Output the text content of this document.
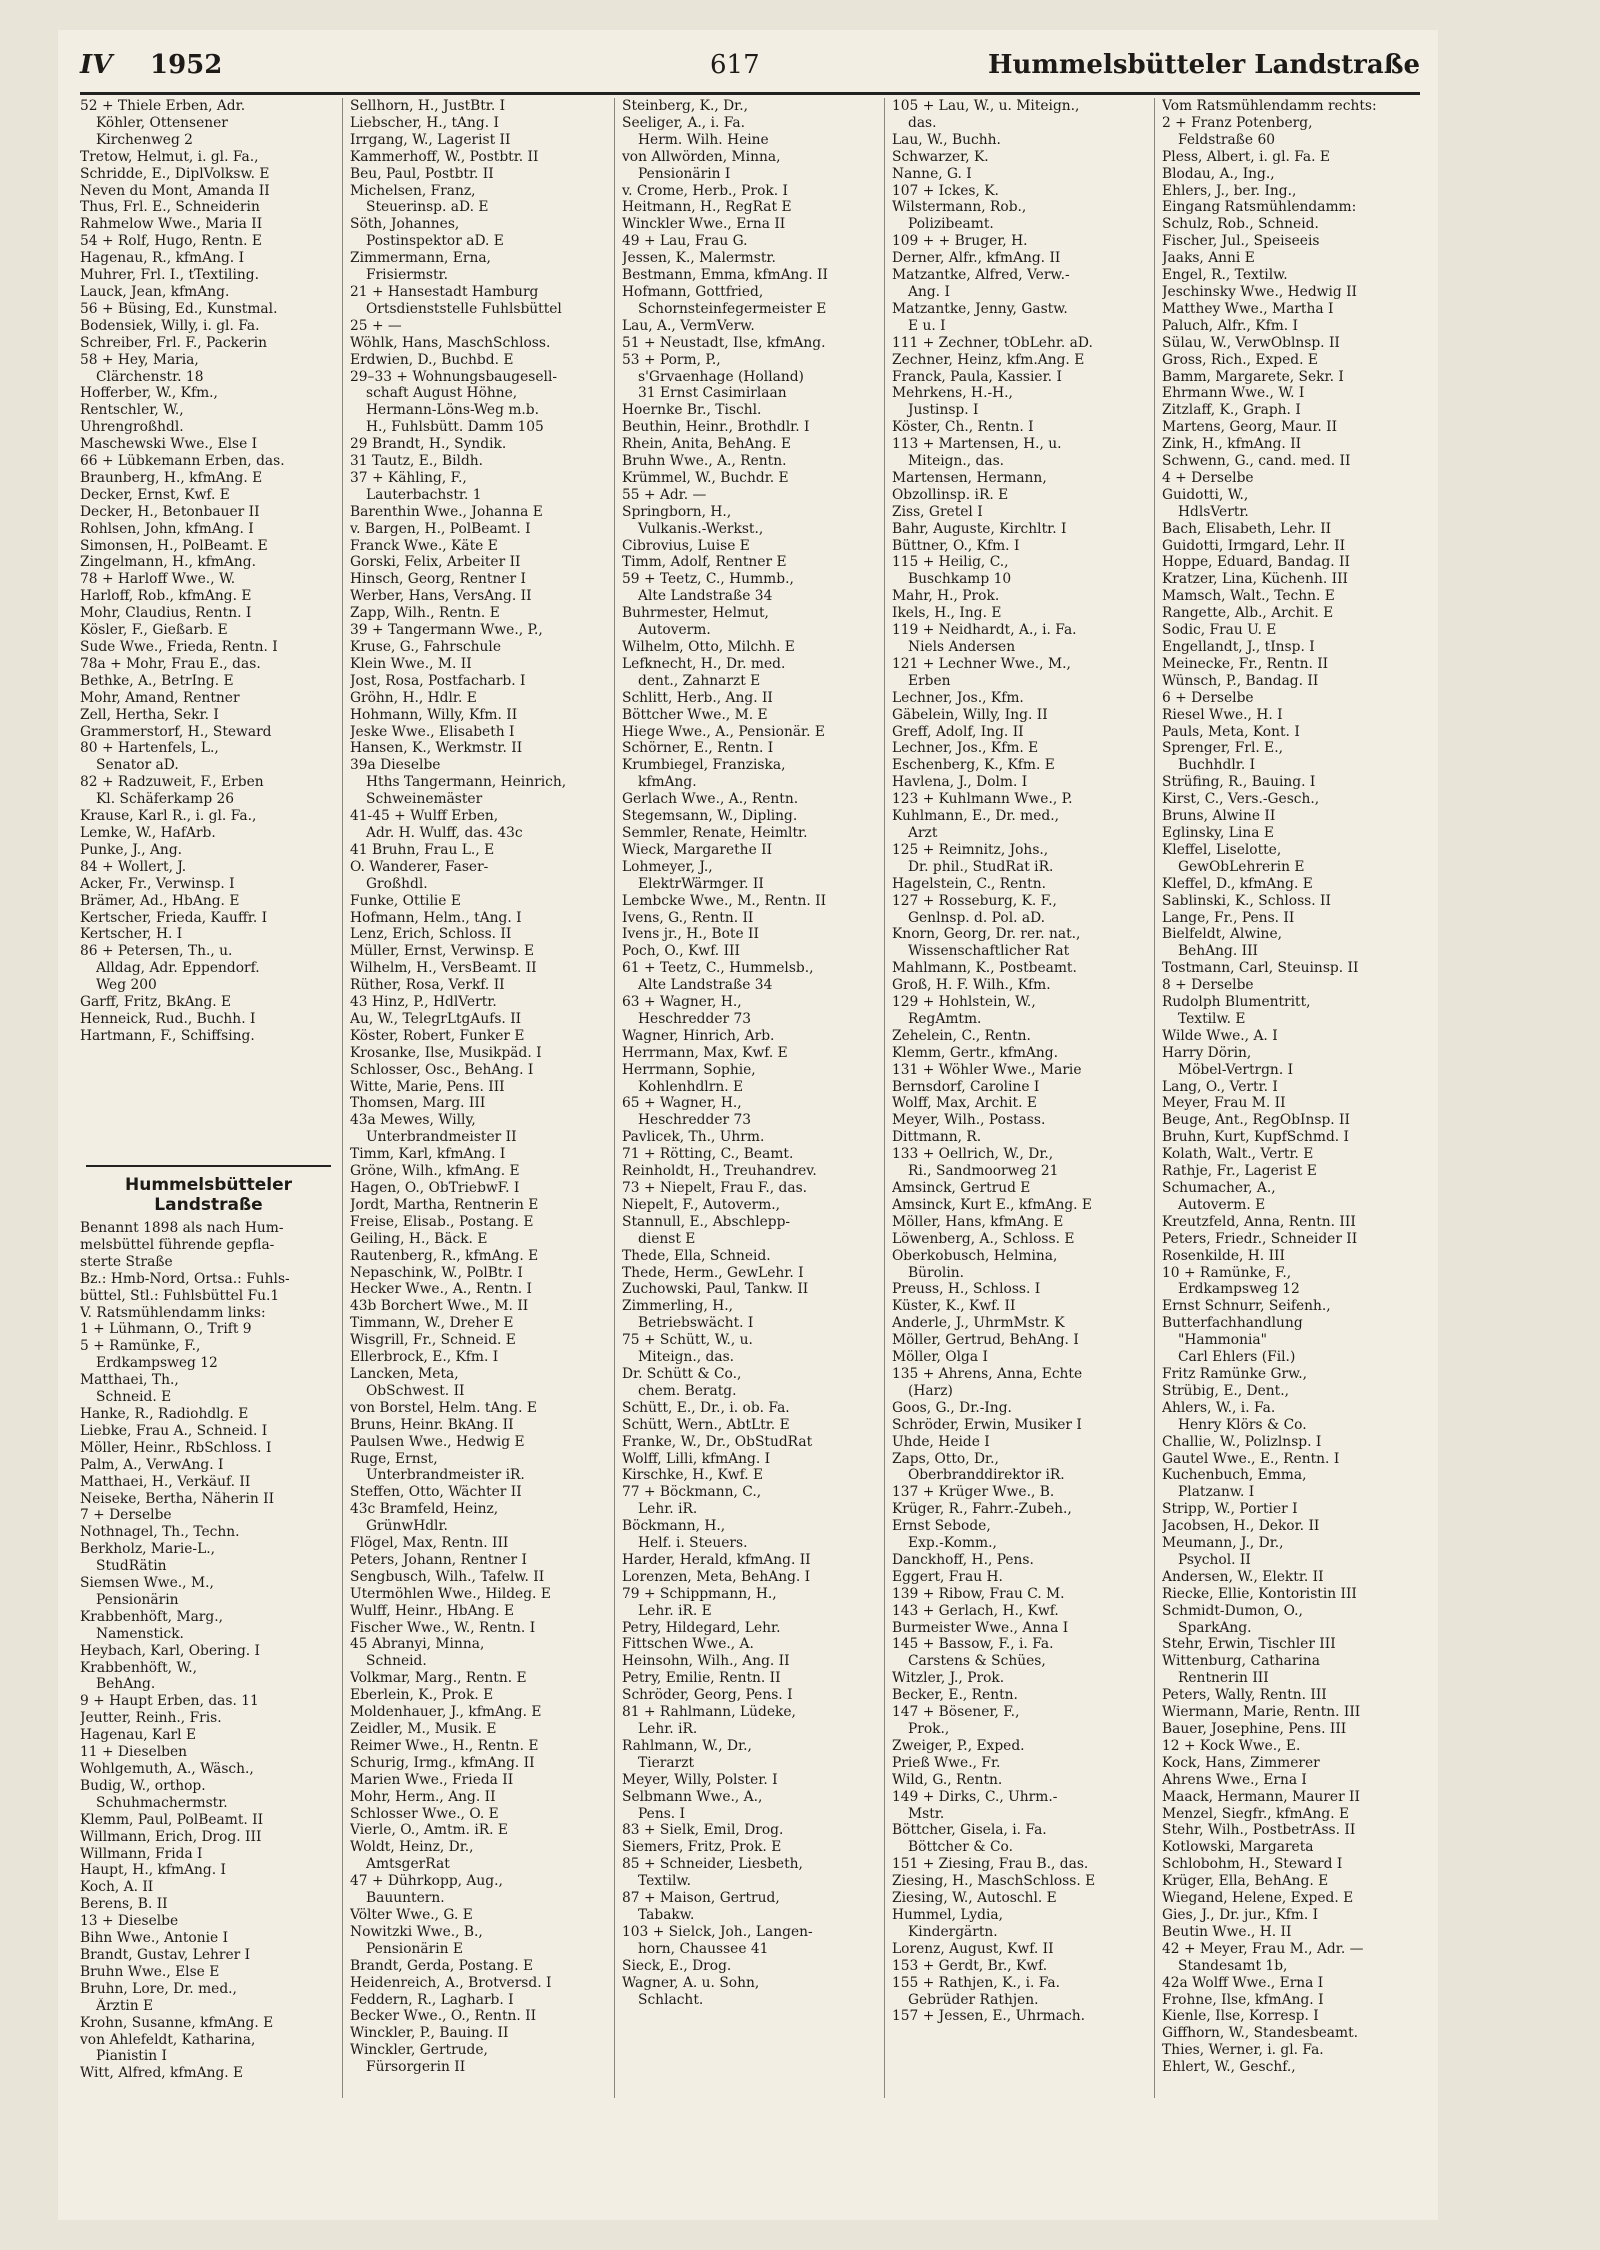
IV 1952	617	Hummelsbütteler Landstraße
52 + Thiele Erben, Adr.
Köhler, Ottensener
Kirchenweg 2
Tretow, Helmut, i. gl. Fa.,
Schridde, E., DiplVolksw. E
Neven du Mont, Amanda II
Thus, Frl. E., Schneiderin
Rahmelow Wwe., Maria II
54 + Rolf, Hugo, Rentn. E
Hagenau, R., kfmAng. I
Muhrer, Frl. I., tTextiling.
Lauck, Jean, kfmAng.
56 + Büsing, Ed., Kunstmal.
Bodensiek, Willy, i. gl. Fa.
Schreiber, Frl. F., Packerin
58 + Hey, Maria,
Clärchenstr. 18
Hofferber, W., Kfm.,
Rentschler, W.,
Uhrengroßhdl.
Maschewski Wwe., Else I
66 + Lübkemann Erben, das.
Braunberg, H., kfmAng. E
Decker, Ernst, Kwf. E
Decker, H., Betonbauer II
Rohlsen, John, kfmAng. I
Simonsen, H., PolBeamt. E
Zingelmann, H., kfmAng.
78 + Harloff Wwe., W.
Harloff, Rob., kfmAng. E
Mohr, Claudius, Rentn. I
Kösler, F., Gießarb. E
Sude Wwe., Frieda, Rentn. I
78a + Mohr, Frau E., das.
Bethke, A., BetrIng. E
Mohr, Amand, Rentner
Zell, Hertha, Sekr. I
Grammerstorf, H., Steward
80 + Hartenfels, L.,
Senator aD.
82 + Radzuweit, F., Erben
Kl. Schäferkamp 26
Krause, Karl R., i. gl. Fa.,
Lemke, W., HafArb.
Punke, J., Ang.
84 + Wollert, J.
Acker, Fr., Verwinsp. I
Brämer, Ad., HbAng. E
Kertscher, Frieda, Kauffr. I
Kertscher, H. I
86 + Petersen, Th., u.
Alldag, Adr. Eppendorf.
Weg 200
Garff, Fritz, BkAng. E
Henneick, Rud., Buchh. I
Hartmann, F., Schiffsing.
Sellhorn, H., JustBtr. I
Liebscher, H., tAng. I
Irrgang, W., Lagerist II
Kammerhoff, W., Postbtr. II
Beu, Paul, Postbtr. II
Michelsen, Franz,
Steuerinsp. aD. E
Söth, Johannes,
Postinspektor aD. E
Zimmermann, Erna,
Frisiermstr.
21 + Hansestadt Hamburg
Ortsdienststelle Fuhlsbüttel
25 + —
Wöhlk, Hans, MaschSchloss.
Erdwien, D., Buchbd. E
29–33 + Wohnungsbaugesell-
schaft August Höhne,
Hermann-Löns-Weg m.b.
H., Fuhlsbütt. Damm 105
29 Brandt, H., Syndik.
31 Tautz, E., Bildh.
37 + Kähling, F.,
Lauterbachstr. 1
Barenthin Wwe., Johanna E
v. Bargen, H., PolBeamt. I
Franck Wwe., Käte E
Gorski, Felix, Arbeiter II
Hinsch, Georg, Rentner I
Werber, Hans, VersAng. II
Zapp, Wilh., Rentn. E
39 + Tangermann Wwe., P.,
Kruse, G., Fahrschule
Klein Wwe., M. II
Jost, Rosa, Postfacharb. I
Gröhn, H., Hdlr. E
Hohmann, Willy, Kfm. II
Jeske Wwe., Elisabeth I
Hansen, K., Werkmstr. II
39a Dieselbe
Hths Tangermann, Heinrich,
Schweinemäster
41-45 + Wulff Erben,
Adr. H. Wulff, das. 43c
41 Bruhn, Frau L., E
O. Wanderer, Faser-
Großhdl.
Funke, Ottilie E
Hofmann, Helm., tAng. I
Lenz, Erich, Schloss. II
Müller, Ernst, Verwinsp. E
Wilhelm, H., VersBeamt. II
Rüther, Rosa, Verkf. II
43 Hinz, P., HdlVertr.
Au, W., TelegrLtgAufs. II
Köster, Robert, Funker E
Krosanke, Ilse, Musikpäd. I
Schlosser, Osc., BehAng. I
Witte, Marie, Pens. III
Thomsen, Marg. III
43a Mewes, Willy,
Unterbrandmeister II
Timm, Karl, kfmAng. I
Gröne, Wilh., kfmAng. E
Hagen, O., ObTriebwF. I
Jordt, Martha, Rentnerin E
Freise, Elisab., Postang. E
Geiling, H., Bäck. E
Rautenberg, R., kfmAng. E
Nepaschink, W., PolBtr. I
Hecker Wwe., A., Rentn. I
43b Borchert Wwe., M. II
Timmann, W., Dreher E
Wisgrill, Fr., Schneid. E
Ellerbrock, E., Kfm. I
Lancken, Meta,
ObSchwest. II
von Borstel, Helm. tAng. E
Bruns, Heinr. BkAng. II
Paulsen Wwe., Hedwig E
Ruge, Ernst,
Unterbrandmeister iR.
Steffen, Otto, Wächter II
43c Bramfeld, Heinz,
GrünwHdlr.
Flögel, Max, Rentn. III
Peters, Johann, Rentner I
Sengbusch, Wilh., Tafelw. II
Utermöhlen Wwe., Hildeg. E
Wulff, Heinr., HbAng. E
Fischer Wwe., W., Rentn. I
45 Abranyi, Minna,
Schneid.
Volkmar, Marg., Rentn. E
Eberlein, K., Prok. E
Moldenhauer, J., kfmAng. E
Zeidler, M., Musik. E
Reimer Wwe., H., Rentn. E
Schurig, Irmg., kfmAng. II
Marien Wwe., Frieda II
Mohr, Herm., Ang. II
Schlosser Wwe., O. E
Vierle, O., Amtm. iR. E
Woldt, Heinz, Dr.,
AmtsgerRat
47 + Dührkopp, Aug.,
Bauuntern.
Völter Wwe., G. E
Nowitzki Wwe., B.,
Pensionärin E
Brandt, Gerda, Postang. E
Heidenreich, A., Brotversd. I
Feddern, R., Lagharb. I
Becker Wwe., O., Rentn. II
Winckler, P., Bauing. II
Winckler, Gertrude,
Fürsorgerin II
Steinberg, K., Dr.,
Seeliger, A., i. Fa.
Herm. Wilh. Heine
von Allwörden, Minna,
Pensionärin I
v. Crome, Herb., Prok. I
Heitmann, H., RegRat E
Winckler Wwe., Erna II
49 + Lau, Frau G.
Jessen, K., Malermstr.
Bestmann, Emma, kfmAng. II
Hofmann, Gottfried,
Schornsteinfegermeister E
Lau, A., VermVerw.
51 + Neustadt, Ilse, kfmAng.
53 + Porm, P.,
s'Grvaenhage (Holland)
31 Ernst Casimirlaan
Hoernke Br., Tischl.
Beuthin, Heinr., Brothdlr. I
Rhein, Anita, BehAng. E
Bruhn Wwe., A., Rentn.
Krümmel, W., Buchdr. E
55 + Adr. —
Springborn, H.,
Vulkanis.-Werkst.,
Cibrovius, Luise E
Timm, Adolf, Rentner E
59 + Teetz, C., Hummb.,
Alte Landstraße 34
Buhrmester, Helmut,
Autoverm.
Wilhelm, Otto, Milchh. E
Lefknecht, H., Dr. med.
dent., Zahnarzt E
Schlitt, Herb., Ang. II
Böttcher Wwe., M. E
Hiege Wwe., A., Pensionär. E
Schörner, E., Rentn. I
Krumbiegel, Franziska,
kfmAng.
Gerlach Wwe., A., Rentn.
Stegemsann, W., Dipling.
Semmler, Renate, Heimltr.
Wieck, Margarethe II
Lohmeyer, J.,
ElektrWärmger. II
Lembcke Wwe., M., Rentn. II
Ivens, G., Rentn. II
Ivens jr., H., Bote II
Poch, O., Kwf. III
61 + Teetz, C., Hummelsb.,
Alte Landstraße 34
63 + Wagner, H.,
Heschredder 73
Wagner, Hinrich, Arb.
Herrmann, Max, Kwf. E
Herrmann, Sophie,
Kohlenhdlrn. E
65 + Wagner, H.,
Heschredder 73
Pavlicek, Th., Uhrm.
71 + Rötting, C., Beamt.
Reinholdt, H., Treuhandrev.
73 + Niepelt, Frau F., das.
Niepelt, F., Autoverm.,
Stannull, E., Abschlepp-
dienst E
Thede, Ella, Schneid.
Thede, Herm., GewLehr. I
Zuchowski, Paul, Tankw. II
Zimmerling, H.,
Betriebswächt. I
75 + Schütt, W., u.
Miteign., das.
Dr. Schütt & Co.,
chem. Beratg.
Schütt, E., Dr., i. ob. Fa.
Schütt, Wern., AbtLtr. E
Franke, W., Dr., ObStudRat
Wolff, Lilli, kfmAng. I
Kirschke, H., Kwf. E
77 + Böckmann, C.,
Lehr. iR.
Böckmann, H.,
Helf. i. Steuers.
Harder, Herald, kfmAng. II
Lorenzen, Meta, BehAng. I
79 + Schippmann, H.,
Lehr. iR. E
Petry, Hildegard, Lehr.
Fittschen Wwe., A.
Heinsohn, Wilh., Ang. II
Petry, Emilie, Rentn. II
Schröder, Georg, Pens. I
81 + Rahlmann, Lüdeke,
Lehr. iR.
Rahlmann, W., Dr.,
Tierarzt
Meyer, Willy, Polster. I
Selbmann Wwe., A.,
Pens. I
83 + Sielk, Emil, Drog.
Siemers, Fritz, Prok. E
85 + Schneider, Liesbeth,
Textilw.
87 + Maison, Gertrud,
Tabakw.
103 + Sielck, Joh., Langen-
horn, Chaussee 41
Sieck, E., Drog.
Wagner, A. u. Sohn,
Schlacht.
105 + Lau, W., u. Miteign.,
das.
Lau, W., Buchh.
Schwarzer, K.
Nanne, G. I
107 + Ickes, K.
Wilstermann, Rob.,
Polizibeamt.
109 + + Bruger, H.
Derner, Alfr., kfmAng. II
Matzantke, Alfred, Verw.-
Ang. I
Matzantke, Jenny, Gastw.
E u. I
111 + Zechner, tObLehr. aD.
Zechner, Heinz, kfm.Ang. E
Franck, Paula, Kassier. I
Mehrkens, H.-H.,
Justinsp. I
Köster, Ch., Rentn. I
113 + Martensen, H., u.
Miteign., das.
Martensen, Hermann,
Obzollinsp. iR. E
Ziss, Gretel I
Bahr, Auguste, Kirchltr. I
Büttner, O., Kfm. I
115 + Heilig, C.,
Buschkamp 10
Mahr, H., Prok.
Ikels, H., Ing. E
119 + Neidhardt, A., i. Fa.
Niels Andersen
121 + Lechner Wwe., M.,
Erben
Lechner, Jos., Kfm.
Gäbelein, Willy, Ing. II
Greff, Adolf, Ing. II
Lechner, Jos., Kfm. E
Eschenberg, K., Kfm. E
Havlena, J., Dolm. I
123 + Kuhlmann Wwe., P.
Kuhlmann, E., Dr. med.,
Arzt
125 + Reimnitz, Johs.,
Dr. phil., StudRat iR.
Hagelstein, C., Rentn.
127 + Rosseburg, K. F.,
Genlnsp. d. Pol. aD.
Knorn, Georg, Dr. rer. nat.,
Wissenschaftlicher Rat
Mahlmann, K., Postbeamt.
Groß, H. F. Wilh., Kfm.
129 + Hohlstein, W.,
RegAmtm.
Zehelein, C., Rentn.
Klemm, Gertr., kfmAng.
131 + Wöhler Wwe., Marie
Bernsdorf, Caroline I
Wolff, Max, Archit. E
Meyer, Wilh., Postass.
Dittmann, R.
133 + Oellrich, W., Dr.,
Ri., Sandmoorweg 21
Amsinck, Gertrud E
Amsinck, Kurt E., kfmAng. E
Möller, Hans, kfmAng. E
Löwenberg, A., Schloss. E
Oberkobusch, Helmina,
Bürolin.
Preuss, H., Schloss. I
Küster, K., Kwf. II
Anderle, J., UhrmMstr. K
Möller, Gertrud, BehAng. I
Möller, Olga I
135 + Ahrens, Anna, Echte
(Harz)
Goos, G., Dr.-Ing.
Schröder, Erwin, Musiker I
Uhde, Heide I
Zaps, Otto, Dr.,
Oberbranddirektor iR.
137 + Krüger Wwe., B.
Krüger, R., Fahrr.-Zubeh.,
Ernst Sebode,
Exp.-Komm.,
Danckhoff, H., Pens.
Eggert, Frau H.
139 + Ribow, Frau C. M.
143 + Gerlach, H., Kwf.
Burmeister Wwe., Anna I
145 + Bassow, F., i. Fa.
Carstens & Schües,
Witzler, J., Prok.
Becker, E., Rentn.
147 + Bösener, F.,
Prok.,
Zweiger, P., Exped.
Prieß Wwe., Fr.
Wild, G., Rentn.
149 + Dirks, C., Uhrm.-
Mstr.
Böttcher, Gisela, i. Fa.
Böttcher & Co.
151 + Ziesing, Frau B., das.
Ziesing, H., MaschSchloss. E
Ziesing, W., Autoschl. E
Hummel, Lydia,
Kindergärtn.
Lorenz, August, Kwf. II
153 + Gerdt, Br., Kwf.
155 + Rathjen, K., i. Fa.
Gebrüder Rathjen.
157 + Jessen, E., Uhrmach.
Vom Ratsmühlendamm rechts:
2 + Franz Potenberg,
Feldstraße 60
Pless, Albert, i. gl. Fa. E
Blodau, A., Ing.,
Ehlers, J., ber. Ing.,
Eingang Ratsmühlendamm:
Schulz, Rob., Schneid.
Fischer, Jul., Speiseeis
Jaaks, Anni E
Engel, R., Textilw.
Jeschinsky Wwe., Hedwig II
Matthey Wwe., Martha I
Paluch, Alfr., Kfm. I
Sülau, W., VerwOblnsp. II
Gross, Rich., Exped. E
Bamm, Margarete, Sekr. I
Ehrmann Wwe., W. I
Zitzlaff, K., Graph. I
Martens, Georg, Maur. II
Zink, H., kfmAng. II
Schwenn, G., cand. med. II
4 + Derselbe
Guidotti, W.,
HdlsVertr.
Bach, Elisabeth, Lehr. II
Guidotti, Irmgard, Lehr. II
Hoppe, Eduard, Bandag. II
Kratzer, Lina, Küchenh. III
Mamsch, Walt., Techn. E
Rangette, Alb., Archit. E
Sodic, Frau U. E
Engellandt, J., tInsp. I
Meinecke, Fr., Rentn. II
Wünsch, P., Bandag. II
6 + Derselbe
Riesel Wwe., H. I
Pauls, Meta, Kont. I
Sprenger, Frl. E.,
Buchhdlr. I
Strüfing, R., Bauing. I
Kirst, C., Vers.-Gesch.,
Bruns, Alwine II
Eglinsky, Lina E
Kleffel, Liselotte,
GewObLehrerin E
Kleffel, D., kfmAng. E
Sablinski, K., Schloss. II
Lange, Fr., Pens. II
Bielfeldt, Alwine,
BehAng. III
Tostmann, Carl, Steuinsp. II
8 + Derselbe
Rudolph Blumentritt,
Textilw. E
Wilde Wwe., A. I
Harry Dörin,
Möbel-Vertrgn. I
Lang, O., Vertr. I
Meyer, Frau M. II
Beuge, Ant., RegObInsp. II
Bruhn, Kurt, KupfSchmd. I
Kolath, Walt., Vertr. E
Rathje, Fr., Lagerist E
Schumacher, A.,
Autoverm. E
Kreutzfeld, Anna, Rentn. III
Peters, Friedr., Schneider II
Rosenkilde, H. III
10 + Ramünke, F.,
Erdkampsweg 12
Ernst Schnurr, Seifenh.,
Butterfachhandlung
"Hammonia"
Carl Ehlers (Fil.)
Fritz Ramünke Grw.,
Strübig, E., Dent.,
Ahlers, W., i. Fa.
Henry Klörs & Co.
Challie, W., Polizlnsp. I
Gautel Wwe., E., Rentn. I
Kuchenbuch, Emma,
Platzanw. I
Stripp, W., Portier I
Jacobsen, H., Dekor. II
Meumann, J., Dr.,
Psychol. II
Andersen, W., Elektr. II
Riecke, Ellie, Kontoristin III
Schmidt-Dumon, O.,
SparkAng.
Stehr, Erwin, Tischler III
Wittenburg, Catharina
Rentnerin III
Peters, Wally, Rentn. III
Wiermann, Marie, Rentn. III
Bauer, Josephine, Pens. III
12 + Kock Wwe., E.
Kock, Hans, Zimmerer
Ahrens Wwe., Erna I
Maack, Hermann, Maurer II
Menzel, Siegfr., kfmAng. E
Stehr, Wilh., PostbetrAss. II
Kotlowski, Margareta
Schlobohm, H., Steward I
Krüger, Ella, BehAng. E
Wiegand, Helene, Exped. E
Gies, J., Dr. jur., Kfm. I
Beutin Wwe., H. II
42 + Meyer, Frau M., Adr. —
Standesamt 1b,
42a Wolff Wwe., Erna I
Frohne, Ilse, kfmAng. I
Kienle, Ilse, Korresp. I
Giffhorn, W., Standesbeamt.
Thies, Werner, i. gl. Fa.
Ehlert, W., Geschf.,
Hummelsbütteler
Landstraße
Benannt 1898 als nach Hum-
melsbüttel führende gepfla-
sterte Straße
Bz.: Hmb-Nord, Ortsa.: Fuhls-
büttel, Stl.: Fuhlsbüttel Fu.1
V. Ratsmühlendamm links:
1 + Lühmann, O., Trift 9
5 + Ramünke, F.,
Erdkampsweg 12
Matthaei, Th.,
Schneid. E
Hanke, R., Radiohdlg. E
Liebke, Frau A., Schneid. I
Möller, Heinr., RbSchloss. I
Palm, A., VerwAng. I
Matthaei, H., Verkäuf. II
Neiseke, Bertha, Näherin II
7 + Derselbe
Nothnagel, Th., Techn.
Berkholz, Marie-L.,
StudRätin
Siemsen Wwe., M.,
Pensionärin
Krabbenhöft, Marg.,
Namenstick.
Heybach, Karl, Obering. I
Krabbenhöft, W.,
BehAng.
9 + Haupt Erben, das. 11
Jeutter, Reinh., Fris.
Hagenau, Karl E
11 + Dieselben
Wohlgemuth, A., Wäsch.,
Budig, W., orthop.
Schuhmachermstr.
Klemm, Paul, PolBeamt. II
Willmann, Erich, Drog. III
Willmann, Frida I
Haupt, H., kfmAng. I
Koch, A. II
Berens, B. II
13 + Dieselbe
Bihn Wwe., Antonie I
Brandt, Gustav, Lehrer I
Bruhn Wwe., Else E
Bruhn, Lore, Dr. med.,
Ärztin E
Krohn, Susanne, kfmAng. E
von Ahlefeldt, Katharina,
Pianistin I
Witt, Alfred, kfmAng. E
